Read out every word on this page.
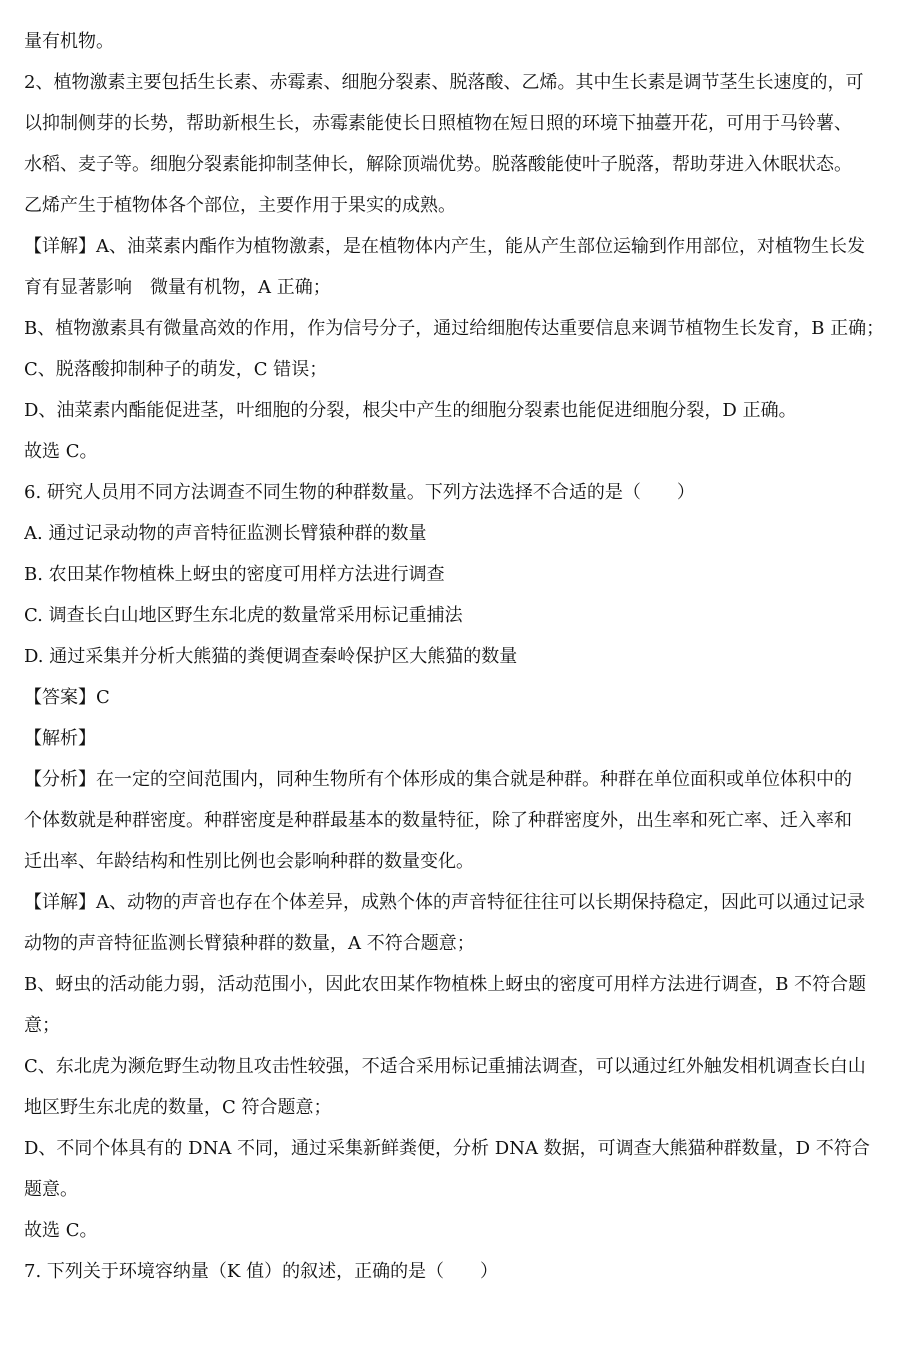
量有机物。
2、植物激素主要包括生长素、赤霉素、细胞分裂素、脱落酸、乙烯。其中生长素是调节茎生长速度的，可
以抑制侧芽的长势，帮助新根生长，赤霉素能使长日照植物在短日照的环境下抽薹开花，可用于马铃薯、
水稻、麦子等。细胞分裂素能抑制茎伸长，解除顶端优势。脱落酸能使叶子脱落，帮助芽进入休眠状态。
乙烯产生于植物体各个部位，主要作用于果实的成熟。
【详解】A、油菜素内酯作为植物激素，是在植物体内产生，能从产生部位运输到作用部位，对植物生长发
育有显著影响　微量有机物，A 正确；
B、植物激素具有微量高效的作用，作为信号分子，通过给细胞传达重要信息来调节植物生长发育，B 正确；
C、脱落酸抑制种子的萌发，C 错误；
D、油菜素内酯能促进茎，叶细胞的分裂，根尖中产生的细胞分裂素也能促进细胞分裂，D 正确。
故选 C。
6. 研究人员用不同方法调查不同生物的种群数量。下列方法选择不合适的是（　　）
A. 通过记录动物的声音特征监测长臂猿种群的数量
B. 农田某作物植株上蚜虫的密度可用样方法进行调查
C. 调查长白山地区野生东北虎的数量常采用标记重捕法
D. 通过采集并分析大熊猫的粪便调查秦岭保护区大熊猫的数量
【答案】C
【解析】
【分析】在一定的空间范围内，同种生物所有个体形成的集合就是种群。种群在单位面积或单位体积中的
个体数就是种群密度。种群密度是种群最基本的数量特征，除了种群密度外，出生率和死亡率、迁入率和
迁出率、年龄结构和性别比例也会影响种群的数量变化。
【详解】A、动物的声音也存在个体差异，成熟个体的声音特征往往可以长期保持稳定，因此可以通过记录
动物的声音特征监测长臂猿种群的数量，A 不符合题意；
B、蚜虫的活动能力弱，活动范围小，因此农田某作物植株上蚜虫的密度可用样方法进行调查，B 不符合题
意；
C、东北虎为濒危野生动物且攻击性较强，不适合采用标记重捕法调查，可以通过红外触发相机调查长白山
地区野生东北虎的数量，C 符合题意；
D、不同个体具有的 DNA 不同，通过采集新鲜粪便，分析 DNA 数据，可调查大熊猫种群数量，D 不符合
题意。
故选 C。
7. 下列关于环境容纳量（K 值）的叙述，正确的是（　　）
